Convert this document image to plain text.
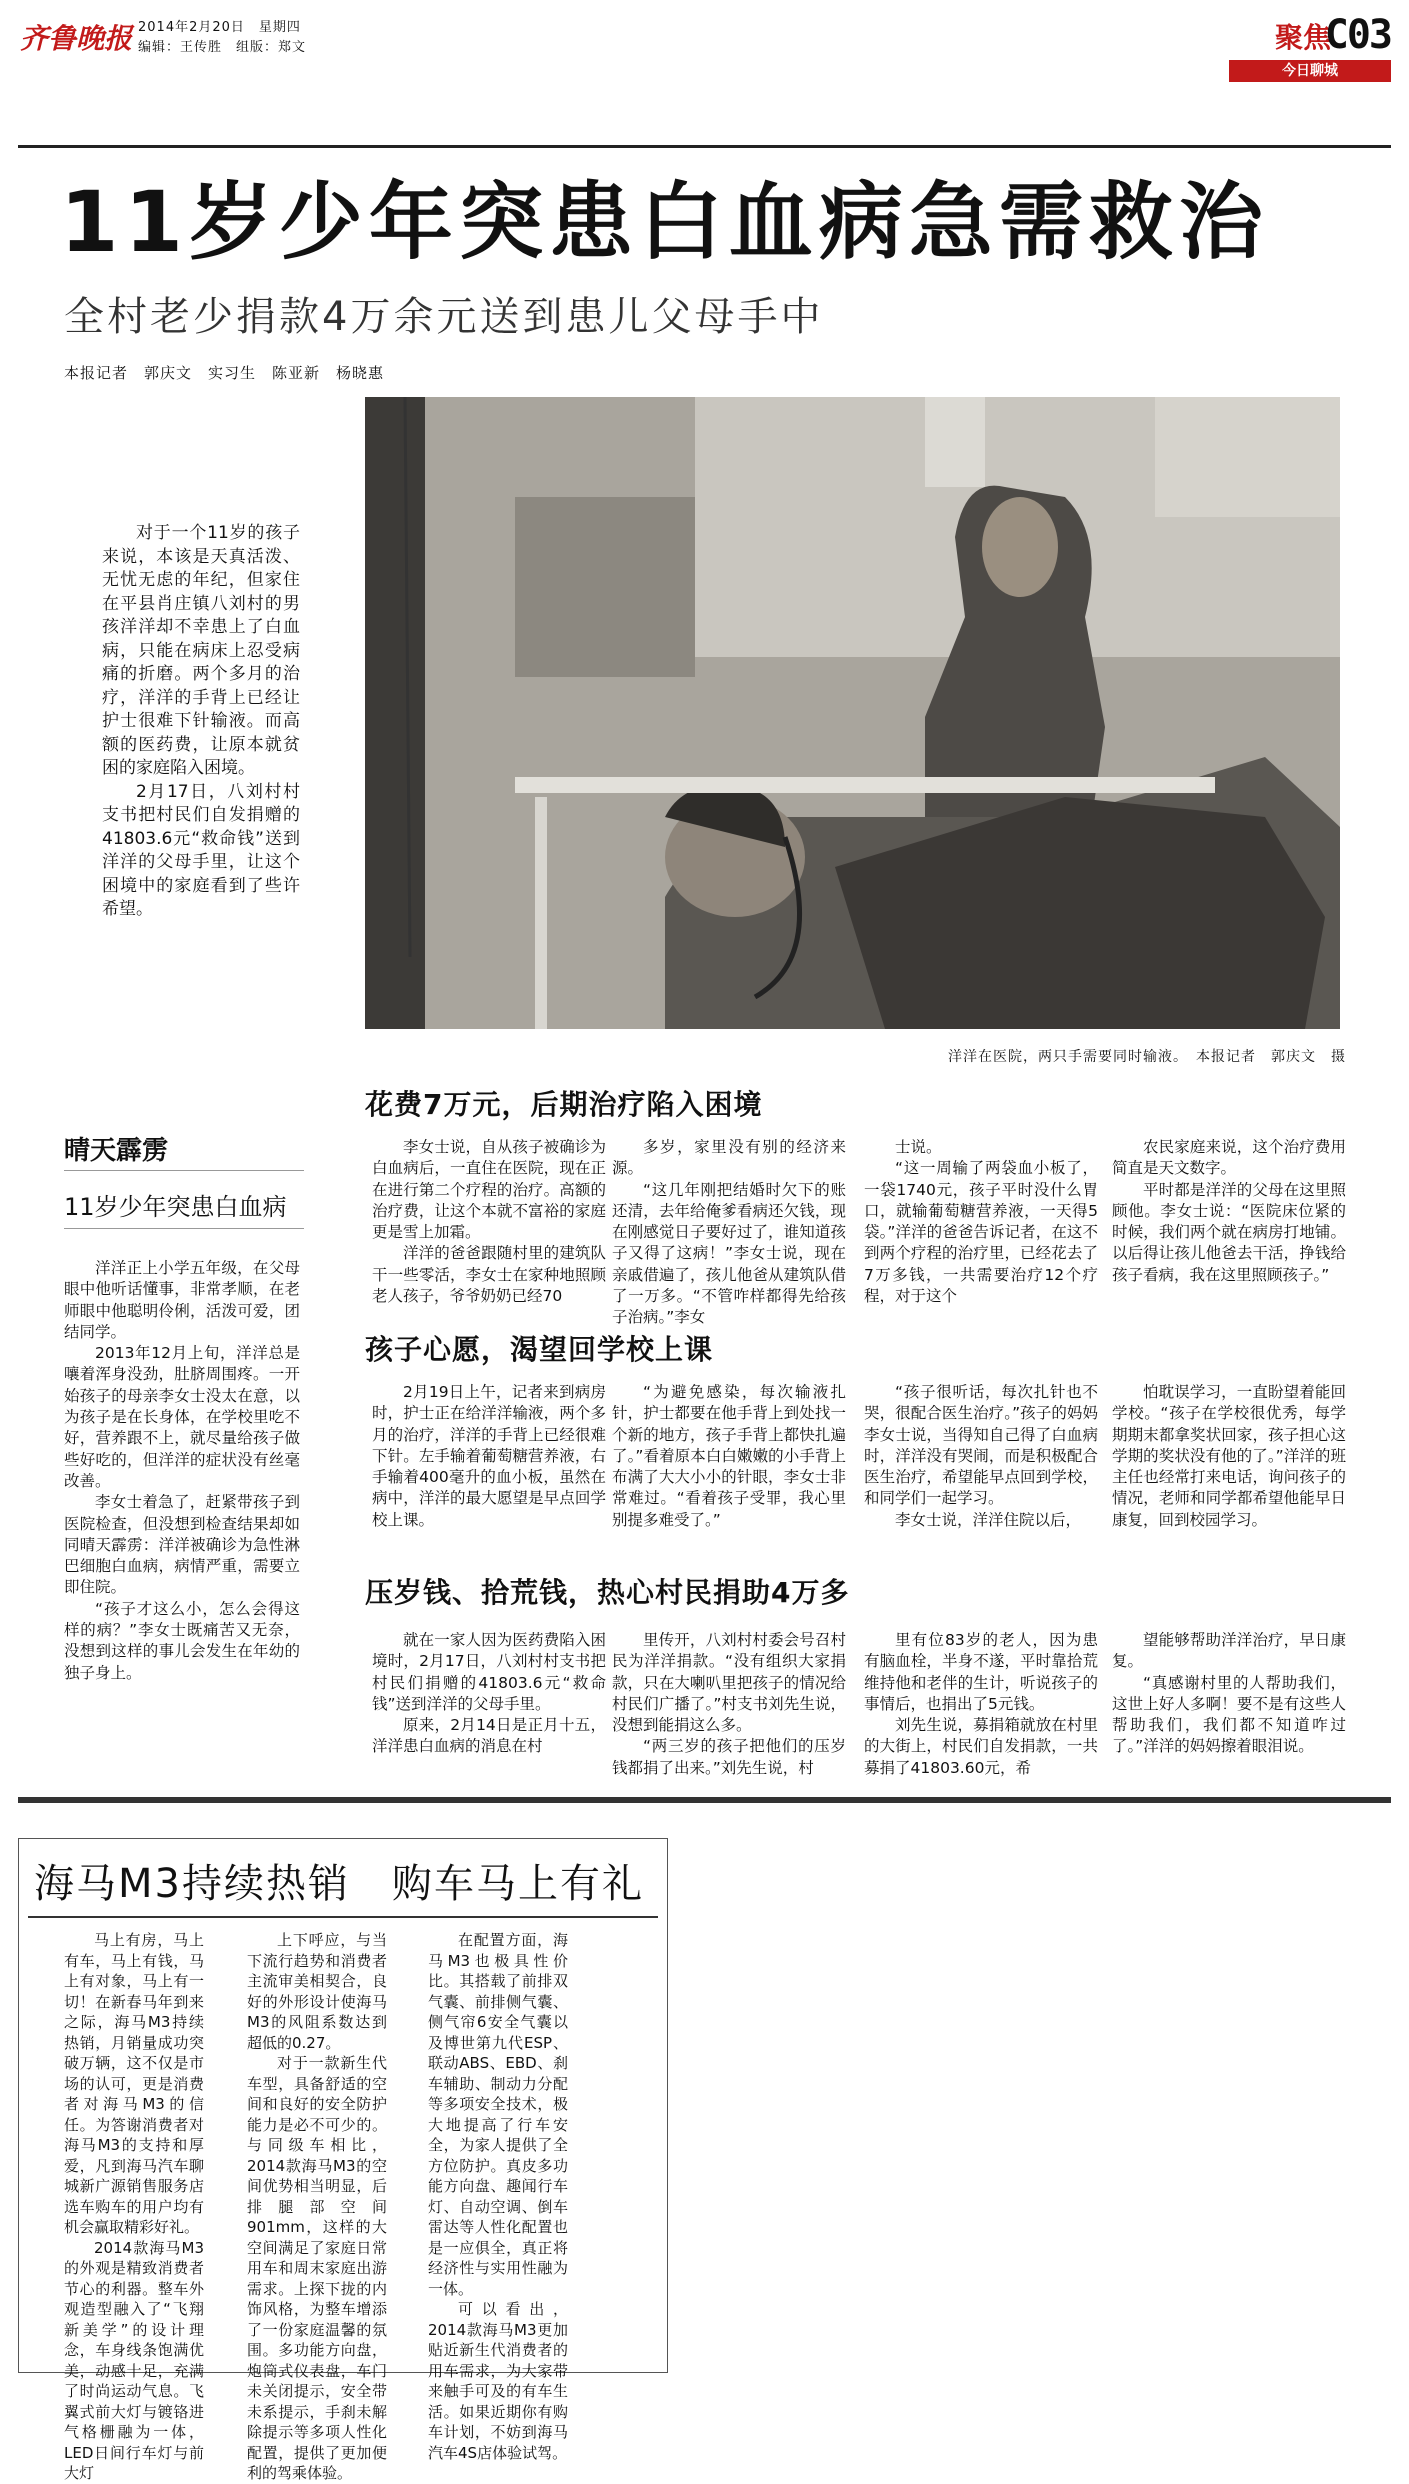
齐鲁晚报 2014年2月20日　星期四
编辑：王传胜　组版：郑文	聚焦
C03
今日聊城
11岁少年突患白血病急需救治
全村老少捐款4万余元送到患儿父母手中
本报记者　郭庆文　实习生　陈亚新　杨晓惠

对于一个11岁的孩子来说，本该是天真活泼、无忧无虑的年纪，但家住在平县肖庄镇八刘村的男孩洋洋却不幸患上了白血病，只能在病床上忍受病痛的折磨。两个多月的治疗，洋洋的手背上已经让护士很难下针输液。而高额的医药费，让原本就贫困的家庭陷入困境。

2月17日，八刘村村支书把村民们自发捐赠的41803.6元“救命钱”送到洋洋的父母手里，让这个困境中的家庭看到了些许希望。

洋洋在医院，两只手需要同时输液。　本报记者　郭庆文　摄
晴天霹雳
11岁少年突患白血病

洋洋正上小学五年级，在父母眼中他听话懂事，非常孝顺，在老师眼中他聪明伶俐，活泼可爱，团结同学。

2013年12月上旬，洋洋总是嚷着浑身没劲，肚脐周围疼。一开始孩子的母亲李女士没太在意，以为孩子是在长身体，在学校里吃不好，营养跟不上，就尽量给孩子做些好吃的，但洋洋的症状没有丝毫改善。

李女士着急了，赶紧带孩子到医院检查，但没想到检查结果却如同晴天霹雳：洋洋被确诊为急性淋巴细胞白血病，病情严重，需要立即住院。

“孩子才这么小，怎么会得这样的病？”李女士既痛苦又无奈，没想到这样的事儿会发生在年幼的独子身上。

花费7万元，后期治疗陷入困境

李女士说，自从孩子被确诊为白血病后，一直住在医院，现在正在进行第二个疗程的治疗。高额的治疗费，让这个本就不富裕的家庭更是雪上加霜。

洋洋的爸爸跟随村里的建筑队干一些零活，李女士在家种地照顾老人孩子，爷爷奶奶已经70

多岁，家里没有别的经济来源。

“这几年刚把结婚时欠下的账还清，去年给俺爹看病还欠钱，现在刚感觉日子要好过了，谁知道孩子又得了这病！”李女士说，现在亲戚借遍了，孩儿他爸从建筑队借了一万多。“不管咋样都得先给孩子治病。”李女

士说。

“这一周输了两袋血小板了，一袋1740元，孩子平时没什么胃口，就输葡萄糖营养液，一天得5袋。”洋洋的爸爸告诉记者，在这不到两个疗程的治疗里，已经花去了7万多钱，一共需要治疗12个疗程，对于这个

农民家庭来说，这个治疗费用简直是天文数字。

平时都是洋洋的父母在这里照顾他。李女士说：“医院床位紧的时候，我们两个就在病房打地铺。以后得让孩儿他爸去干活，挣钱给孩子看病，我在这里照顾孩子。”

孩子心愿，渴望回学校上课

2月19日上午，记者来到病房时，护士正在给洋洋输液，两个多月的治疗，洋洋的手背上已经很难下针。左手输着葡萄糖营养液，右手输着400毫升的血小板，虽然在病中，洋洋的最大愿望是早点回学校上课。

“为避免感染，每次输液扎针，护士都要在他手背上到处找一个新的地方，孩子手背上都快扎遍了。”看着原本白白嫩嫩的小手背上布满了大大小小的针眼，李女士非常难过。“看着孩子受罪，我心里别提多难受了。”

“孩子很听话，每次扎针也不哭，很配合医生治疗。”孩子的妈妈李女士说，当得知自己得了白血病时，洋洋没有哭闹，而是积极配合医生治疗，希望能早点回到学校，和同学们一起学习。

李女士说，洋洋住院以后，

怕耽误学习，一直盼望着能回学校。“孩子在学校很优秀，每学期期末都拿奖状回家，孩子担心这学期的奖状没有他的了。”洋洋的班主任也经常打来电话，询问孩子的情况，老师和同学都希望他能早日康复，回到校园学习。

压岁钱、拾荒钱，热心村民捐助4万多

就在一家人因为医药费陷入困境时，2月17日，八刘村村支书把村民们捐赠的41803.6元“救命钱”送到洋洋的父母手里。

原来，2月14日是正月十五，洋洋患白血病的消息在村

里传开，八刘村村委会号召村民为洋洋捐款。“没有组织大家捐款，只在大喇叭里把孩子的情况给村民们广播了。”村支书刘先生说，没想到能捐这么多。

“两三岁的孩子把他们的压岁钱都捐了出来。”刘先生说，村

里有位83岁的老人，因为患有脑血栓，半身不遂，平时靠拾荒维持他和老伴的生计，听说孩子的事情后，也捐出了5元钱。

刘先生说，募捐箱就放在村里的大街上，村民们自发捐款，一共募捐了41803.60元，希

望能够帮助洋洋治疗，早日康复。

“真感谢村里的人帮助我们，这世上好人多啊！要不是有这些人帮助我们，我们都不知道咋过了。”洋洋的妈妈擦着眼泪说。

海马M3持续热销　购车马上有礼

马上有房，马上有车，马上有钱，马上有对象，马上有一切！在新春马年到来之际，海马M3持续热销，月销量成功突破万辆，这不仅是市场的认可，更是消费者对海马M3的信任。为答谢消费者对海马M3的支持和厚爱，凡到海马汽车聊城新广源销售服务店选车购车的用户均有机会赢取精彩好礼。

2014款海马M3的外观是精致消费者节心的利器。整车外观造型融入了“飞翔新美学”的设计理念，车身线条饱满优美，动感十足，充满了时尚运动气息。飞翼式前大灯与镀铬进气格栅融为一体，LED日间行车灯与前大灯

上下呼应，与当下流行趋势和消费者主流审美相契合，良好的外形设计使海马M3的风阻系数达到超低的0.27。

对于一款新生代车型，具备舒适的空间和良好的安全防护能力是必不可少的。与同级车相比，2014款海马M3的空间优势相当明显，后排腿部空间901mm，这样的大空间满足了家庭日常用车和周末家庭出游需求。上探下拢的内饰风格，为整车增添了一份家庭温馨的氛围。多功能方向盘，炮筒式仪表盘，车门未关闭提示，安全带未系提示，手刹未解除提示等多项人性化配置，提供了更加便利的驾乘体验。

在配置方面，海马M3也极具性价比。其搭载了前排双气囊、前排侧气囊、侧气帘6安全气囊以及博世第九代ESP、联动ABS、EBD、刹车辅助、制动力分配等多项安全技术，极大地提高了行车安全，为家人提供了全方位防护。真皮多功能方向盘、趣闻行车灯、自动空调、倒车雷达等人性化配置也是一应俱全，真正将经济性与实用性融为一体。

可以看出，2014款海马M3更加贴近新生代消费者的用车需求，为大家带来触手可及的有车生活。如果近期你有购车计划，不妨到海马汽车4S店体验试驾。
